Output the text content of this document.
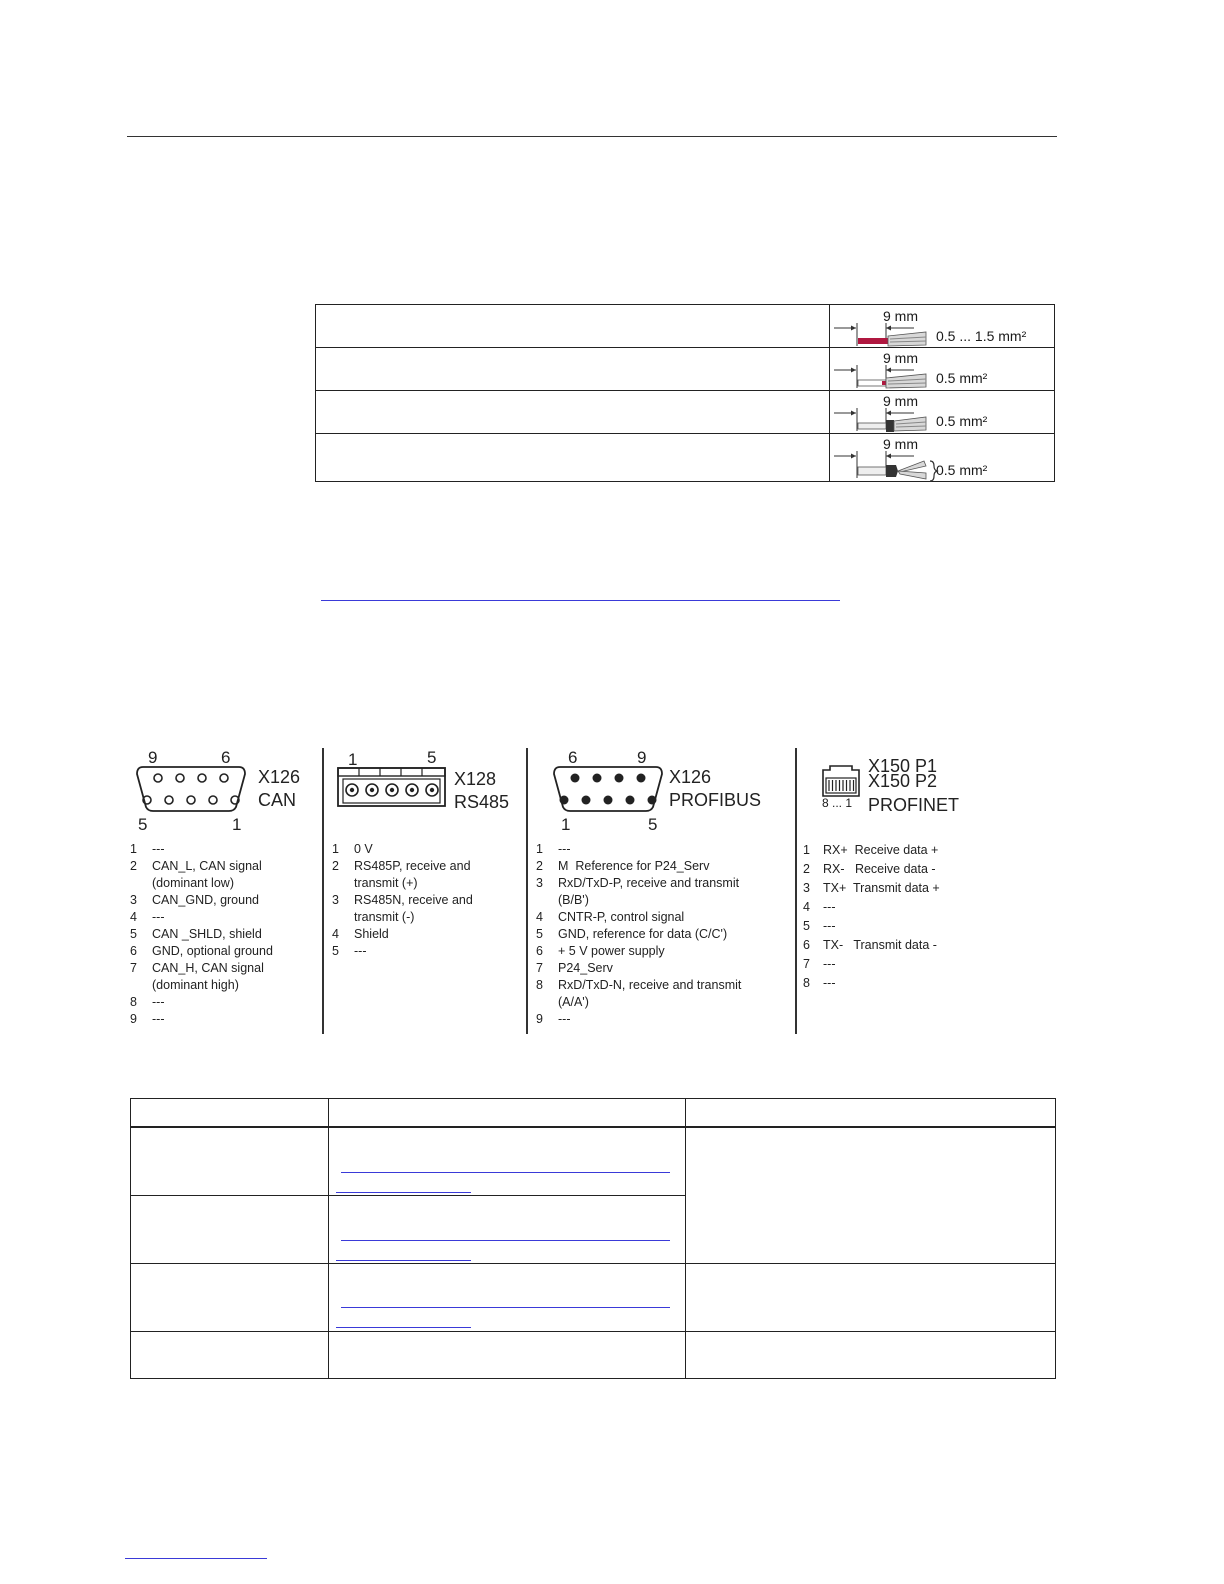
9 mm
0.5 ... 1.5 mm²
9 mm
0.5 mm²
9 mm
0.5 mm²
9 mm
0.5 mm²
9	6
5	1
X126
CAN
1	---
2	CAN_L, CAN signal (dominant low)
3	CAN_GND, ground
4	---
5	CAN _SHLD, shield
6	GND, optional ground
7	CAN_H, CAN signal (dominant high)
8	---
9	---
1	5
X128
RS485
1	0 V
2	RS485P, receive and transmit (+)
3	RS485N, receive and transmit (-)
4	Shield
5	---
6	9
1	5
X126
PROFIBUS
1	---
2	M  Reference for P24_Serv
3	RxD/TxD-P, receive and transmit (B/B')
4	CNTR-P, control signal
5	GND, reference for data (C/C')
6	+ 5 V power supply
7	P24_Serv
8	RxD/TxD-N, receive and transmit (A/A')
9	---
8 ... 1
X150 P1
X150 P2
PROFINET
1	RX+  Receive data +
2	RX-   Receive data -
3	TX+  Transmit data +
4	---
5	---
6	TX-   Transmit data -
7	---
8	---
